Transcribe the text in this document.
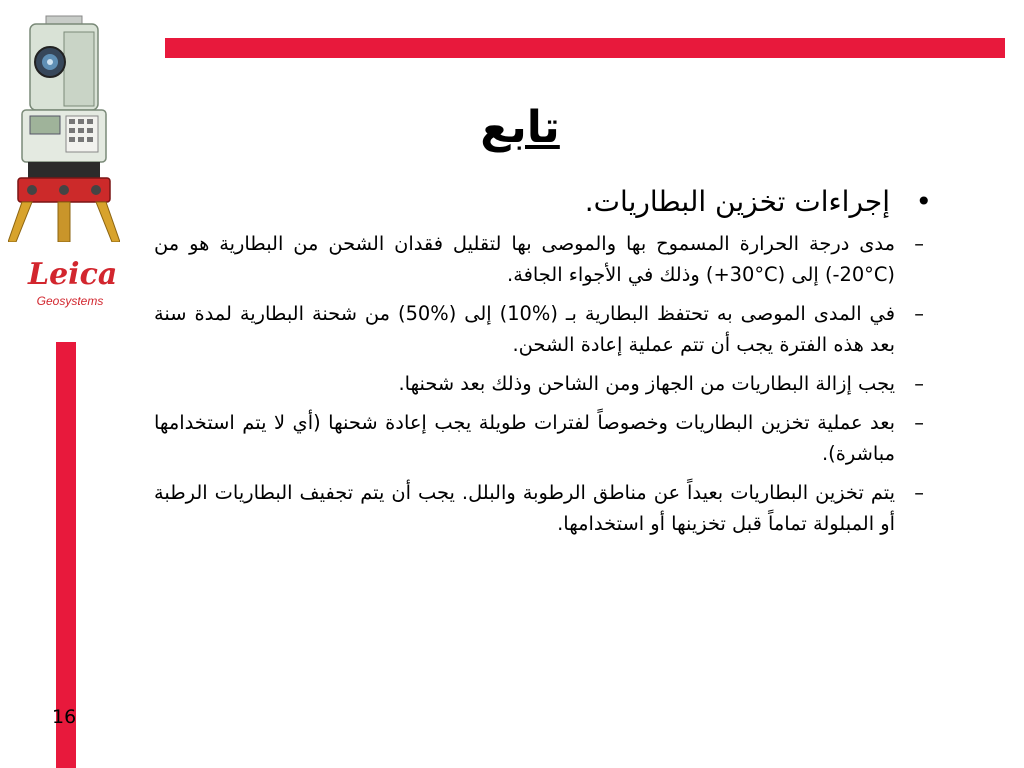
Leica
Geosystems
تابع
•
إجراءات تخزين البطاريات.
–
مدى درجة الحرارة المسموح بها والموصى بها لتقليل فقدان الشحن من البطارية هو من (‎-20°C‎) إلى (‎+30°C‎) وذلك في الأجواء الجافة.
–
في المدى الموصى به تحتفظ البطارية بـ (‎10%‎) إلى (‎50%‎) من شحنة البطارية لمدة سنة بعد هذه الفترة يجب أن تتم عملية إعادة الشحن.
–
يجب إزالة البطاريات من الجهاز ومن الشاحن وذلك بعد شحنها.
–
بعد عملية تخزين البطاريات وخصوصاً لفترات طويلة يجب إعادة شحنها (أي لا يتم استخدامها مباشرة).
–
يتم تخزين البطاريات بعيداً عن مناطق الرطوبة والبلل. يجب أن يتم تجفيف البطاريات الرطبة أو المبلولة تماماً قبل تخزينها أو استخدامها.
16
